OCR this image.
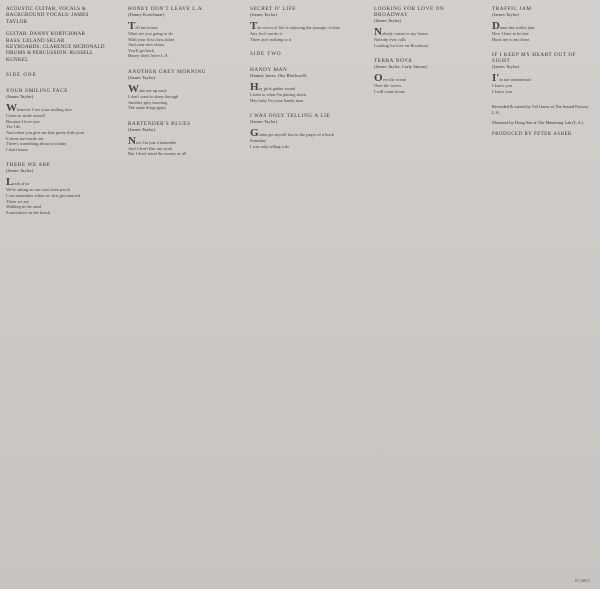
ACOUSTIC GUITAR, VOCALS & BACKGROUND VOCALS: JAMES TAYLOR
GUITAR: DANNY KORTCHMAR
BASS: LELAND SKLAR
KEYBOARDS: CLARENCE MCDONALD
DRUMS & PERCUSSION: RUSSELL KUNKEL
SIDE ONE
YOUR SMILING FACE
(James Taylor)
Whenever I see your smiling face
I have to smile myself
Because I love you
Yes I do
And when you give me that pretty little pout
It turns me inside out
There's something about you baby
I don't know
THERE WE ARE
(James Taylor)
Look at us
We're sitting on our own front porch
I can remember when we first got married
There we are
Walking in the sand
Somewhere on the beach
HONEY DON'T LEAVE L.A.
(Danny Kortchmar)
Tell me honey
What are you going to do
With your first class ticket
And your new tattoo
You'll get back
Honey don't leave L.A.
ANOTHER GREY MORNING
(James Taylor)
Wake me up early
I don't want to sleep through
Another grey morning
The same thing again
BARTENDER'S BLUES
(James Taylor)
Now I'm just a bartender
And I don't like my work
But I don't mind the money at all
SECRET O' LIFE
(James Taylor)
The secret of life is enjoying the passage of time
Any fool can do it
There ain't nothing to it
SIDE TWO
HANDY MAN
(Jimmy Jones, Otis Blackwell)
Hey girls gather round
Listen to what I'm putting down
Hey baby I'm your handy man
I WAS ONLY TELLING A LIE
(James Taylor)
Gonna get myself lost in the pages of a book
Someday
I was only telling a lie
LOOKING FOR LOVE ON BROADWAY
(James Taylor)
Nobody comes to my house
Nobody ever calls
Looking for love on Broadway
TERRA NOVA
(James Taylor, Carly Simon)
Over the ocean
Over the waves
I will come home
TRAFFIC JAM
(James Taylor)
Damn this traffic jam
How I hate to be late
Hurts me to my heart
IF I KEEP MY HEART OUT OF SIGHT
(James Taylor)
I'm not sentimental
I know you
I know you
Recorded & mixed by Val Garay at The Sound Factory L.A.
Mastered by Doug Sax at The Mastering Lab (L.A.)
PRODUCED BY PETER ASHER
JC 34811
